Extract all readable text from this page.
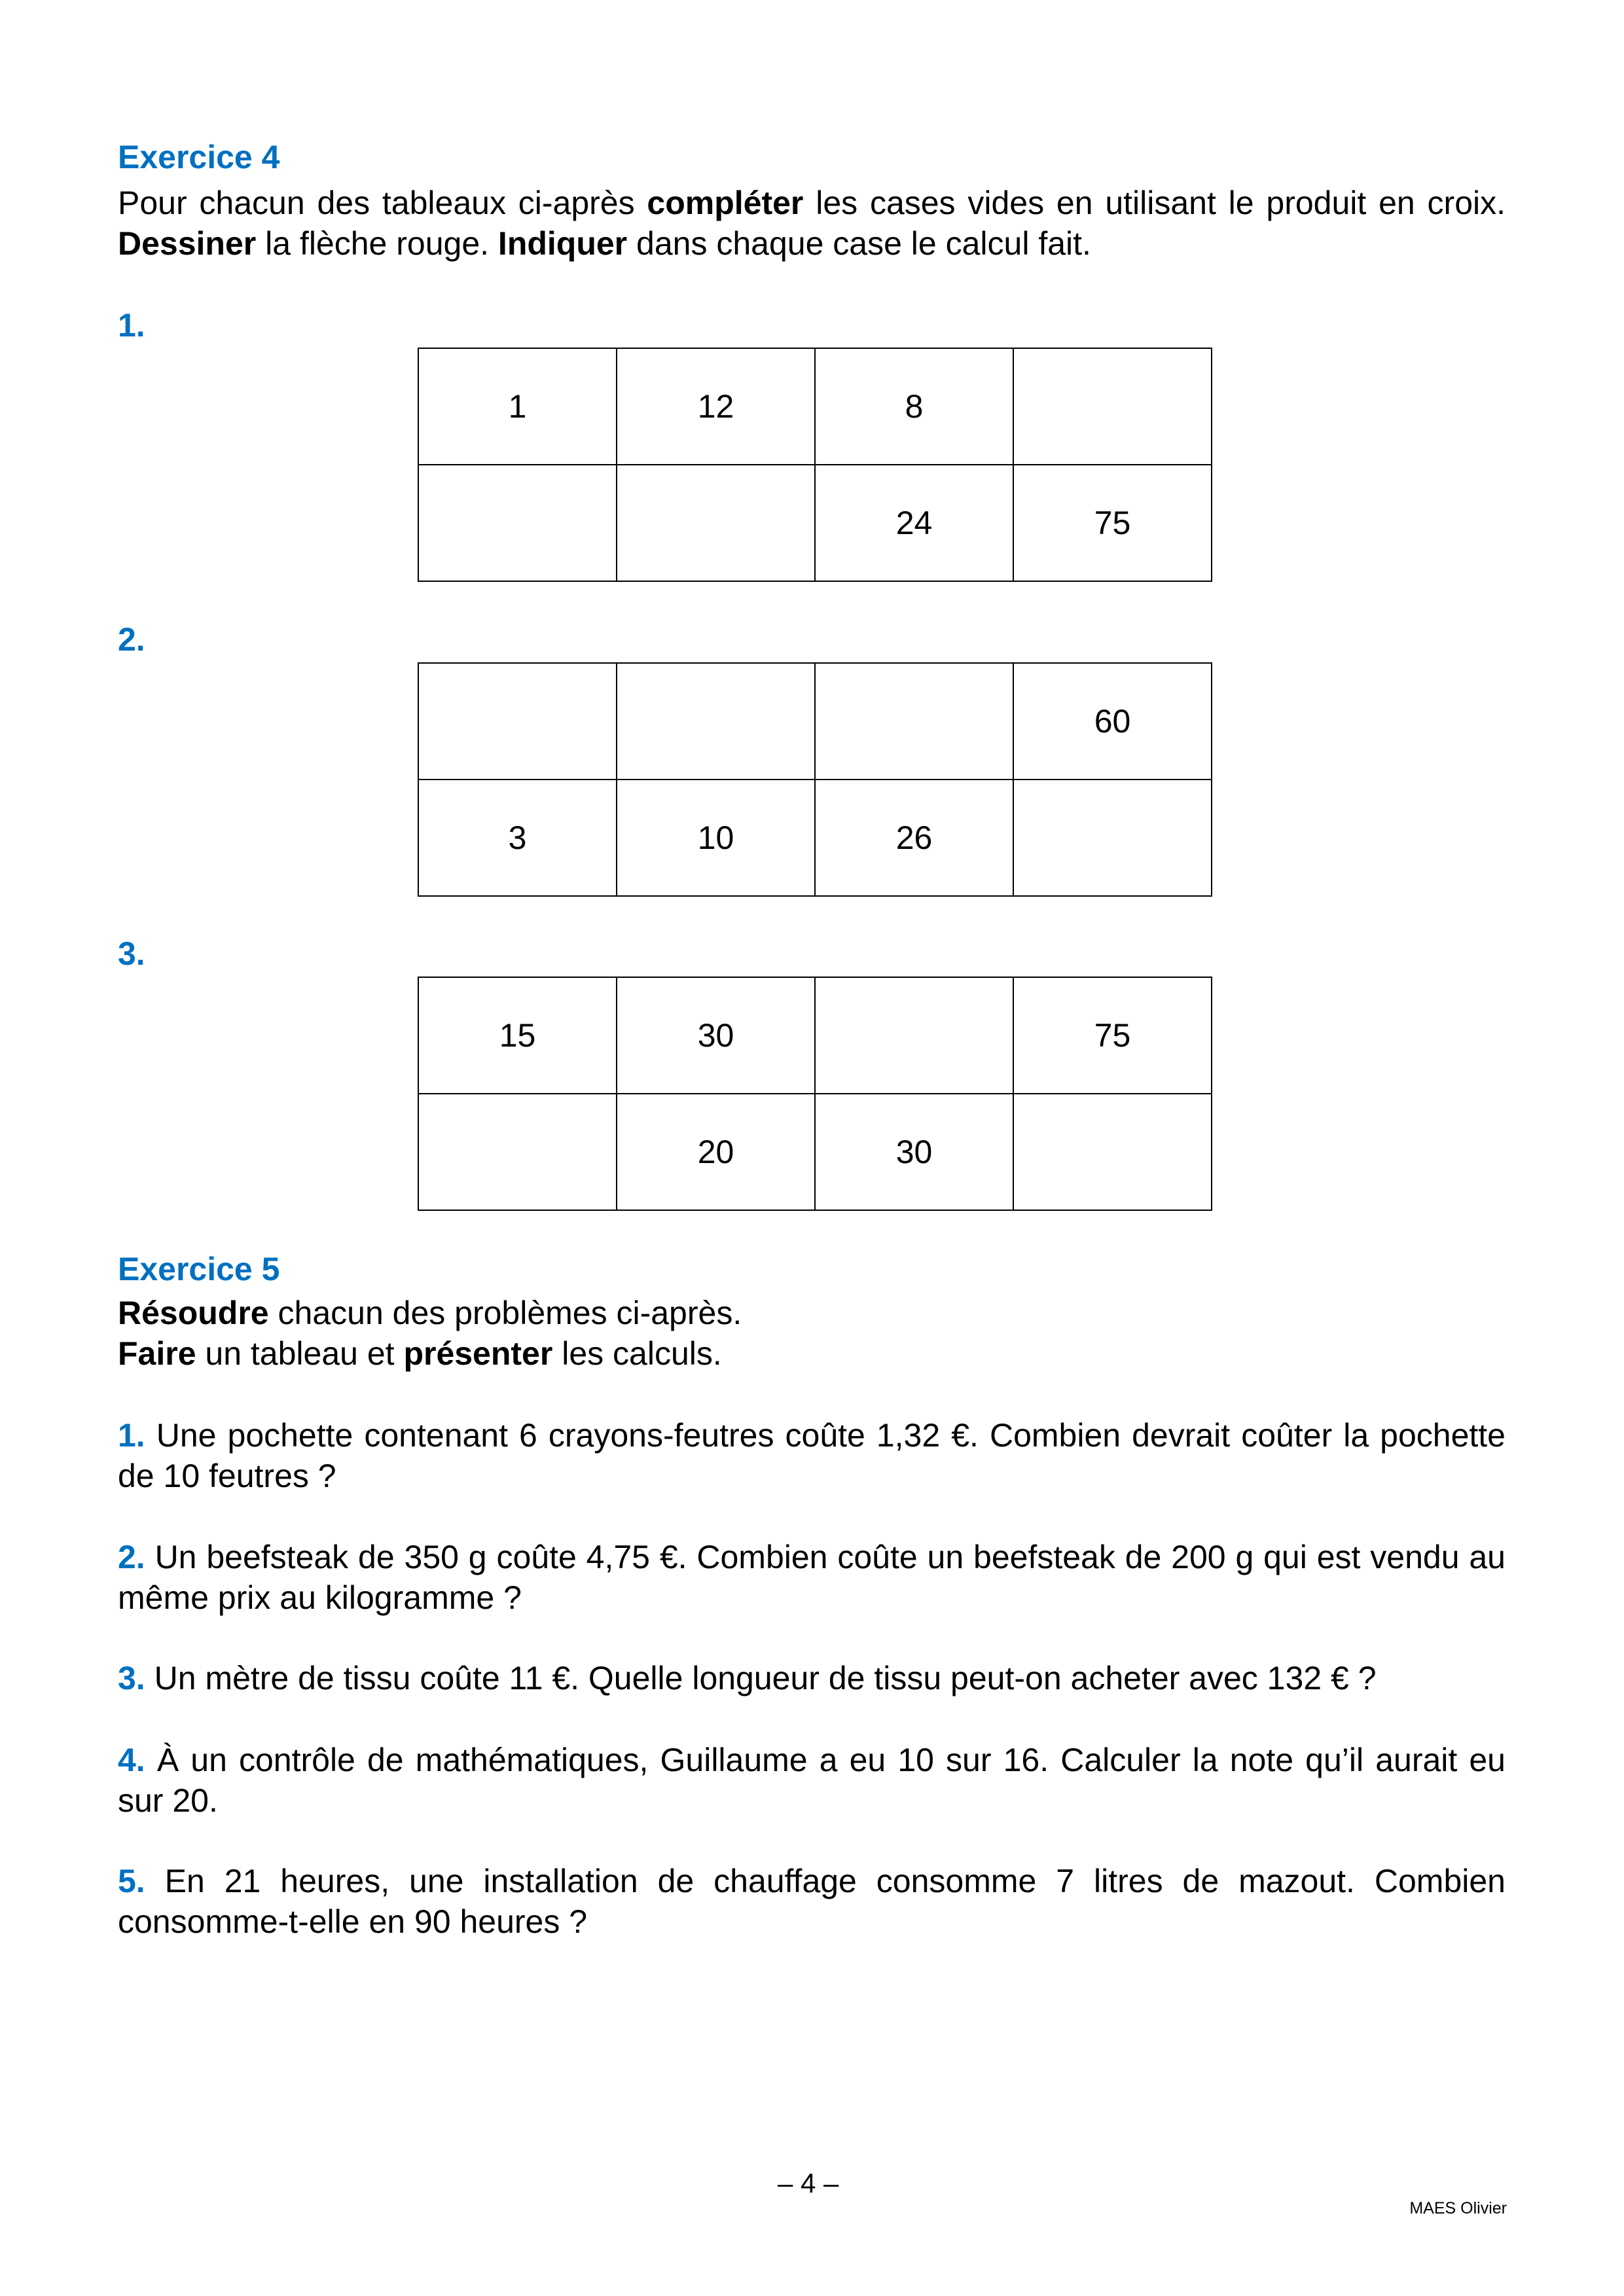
Exercice 4
Pour chacun des tableaux ci-après compléter les cases vides en utilisant le produit en croix. Dessiner la flèche rouge. Indiquer dans chaque case le calcul fait.
1.
1	12	8	
		24	75
2.
			60
3	10	26	
3.
15	30		75
	20	30	
Exercice 5
Résoudre chacun des problèmes ci-après.
Faire un tableau et présenter les calculs.
1. Une pochette contenant 6 crayons-feutres coûte 1,32 €. Combien devrait coûter la pochette de 10 feutres ?
2. Un beefsteak de 350 g coûte 4,75 €. Combien coûte un beefsteak de 200 g qui est vendu au même prix au kilogramme ?
3. Un mètre de tissu coûte 11 €. Quelle longueur de tissu peut-on acheter avec 132 € ?
4. À un contrôle de mathématiques, Guillaume a eu 10 sur 16. Calculer la note qu’il aurait eu sur 20.
5. En 21 heures, une installation de chauffage consomme 7 litres de mazout. Combien consomme-t-elle en 90 heures ?
– 4 –
MAES Olivier
